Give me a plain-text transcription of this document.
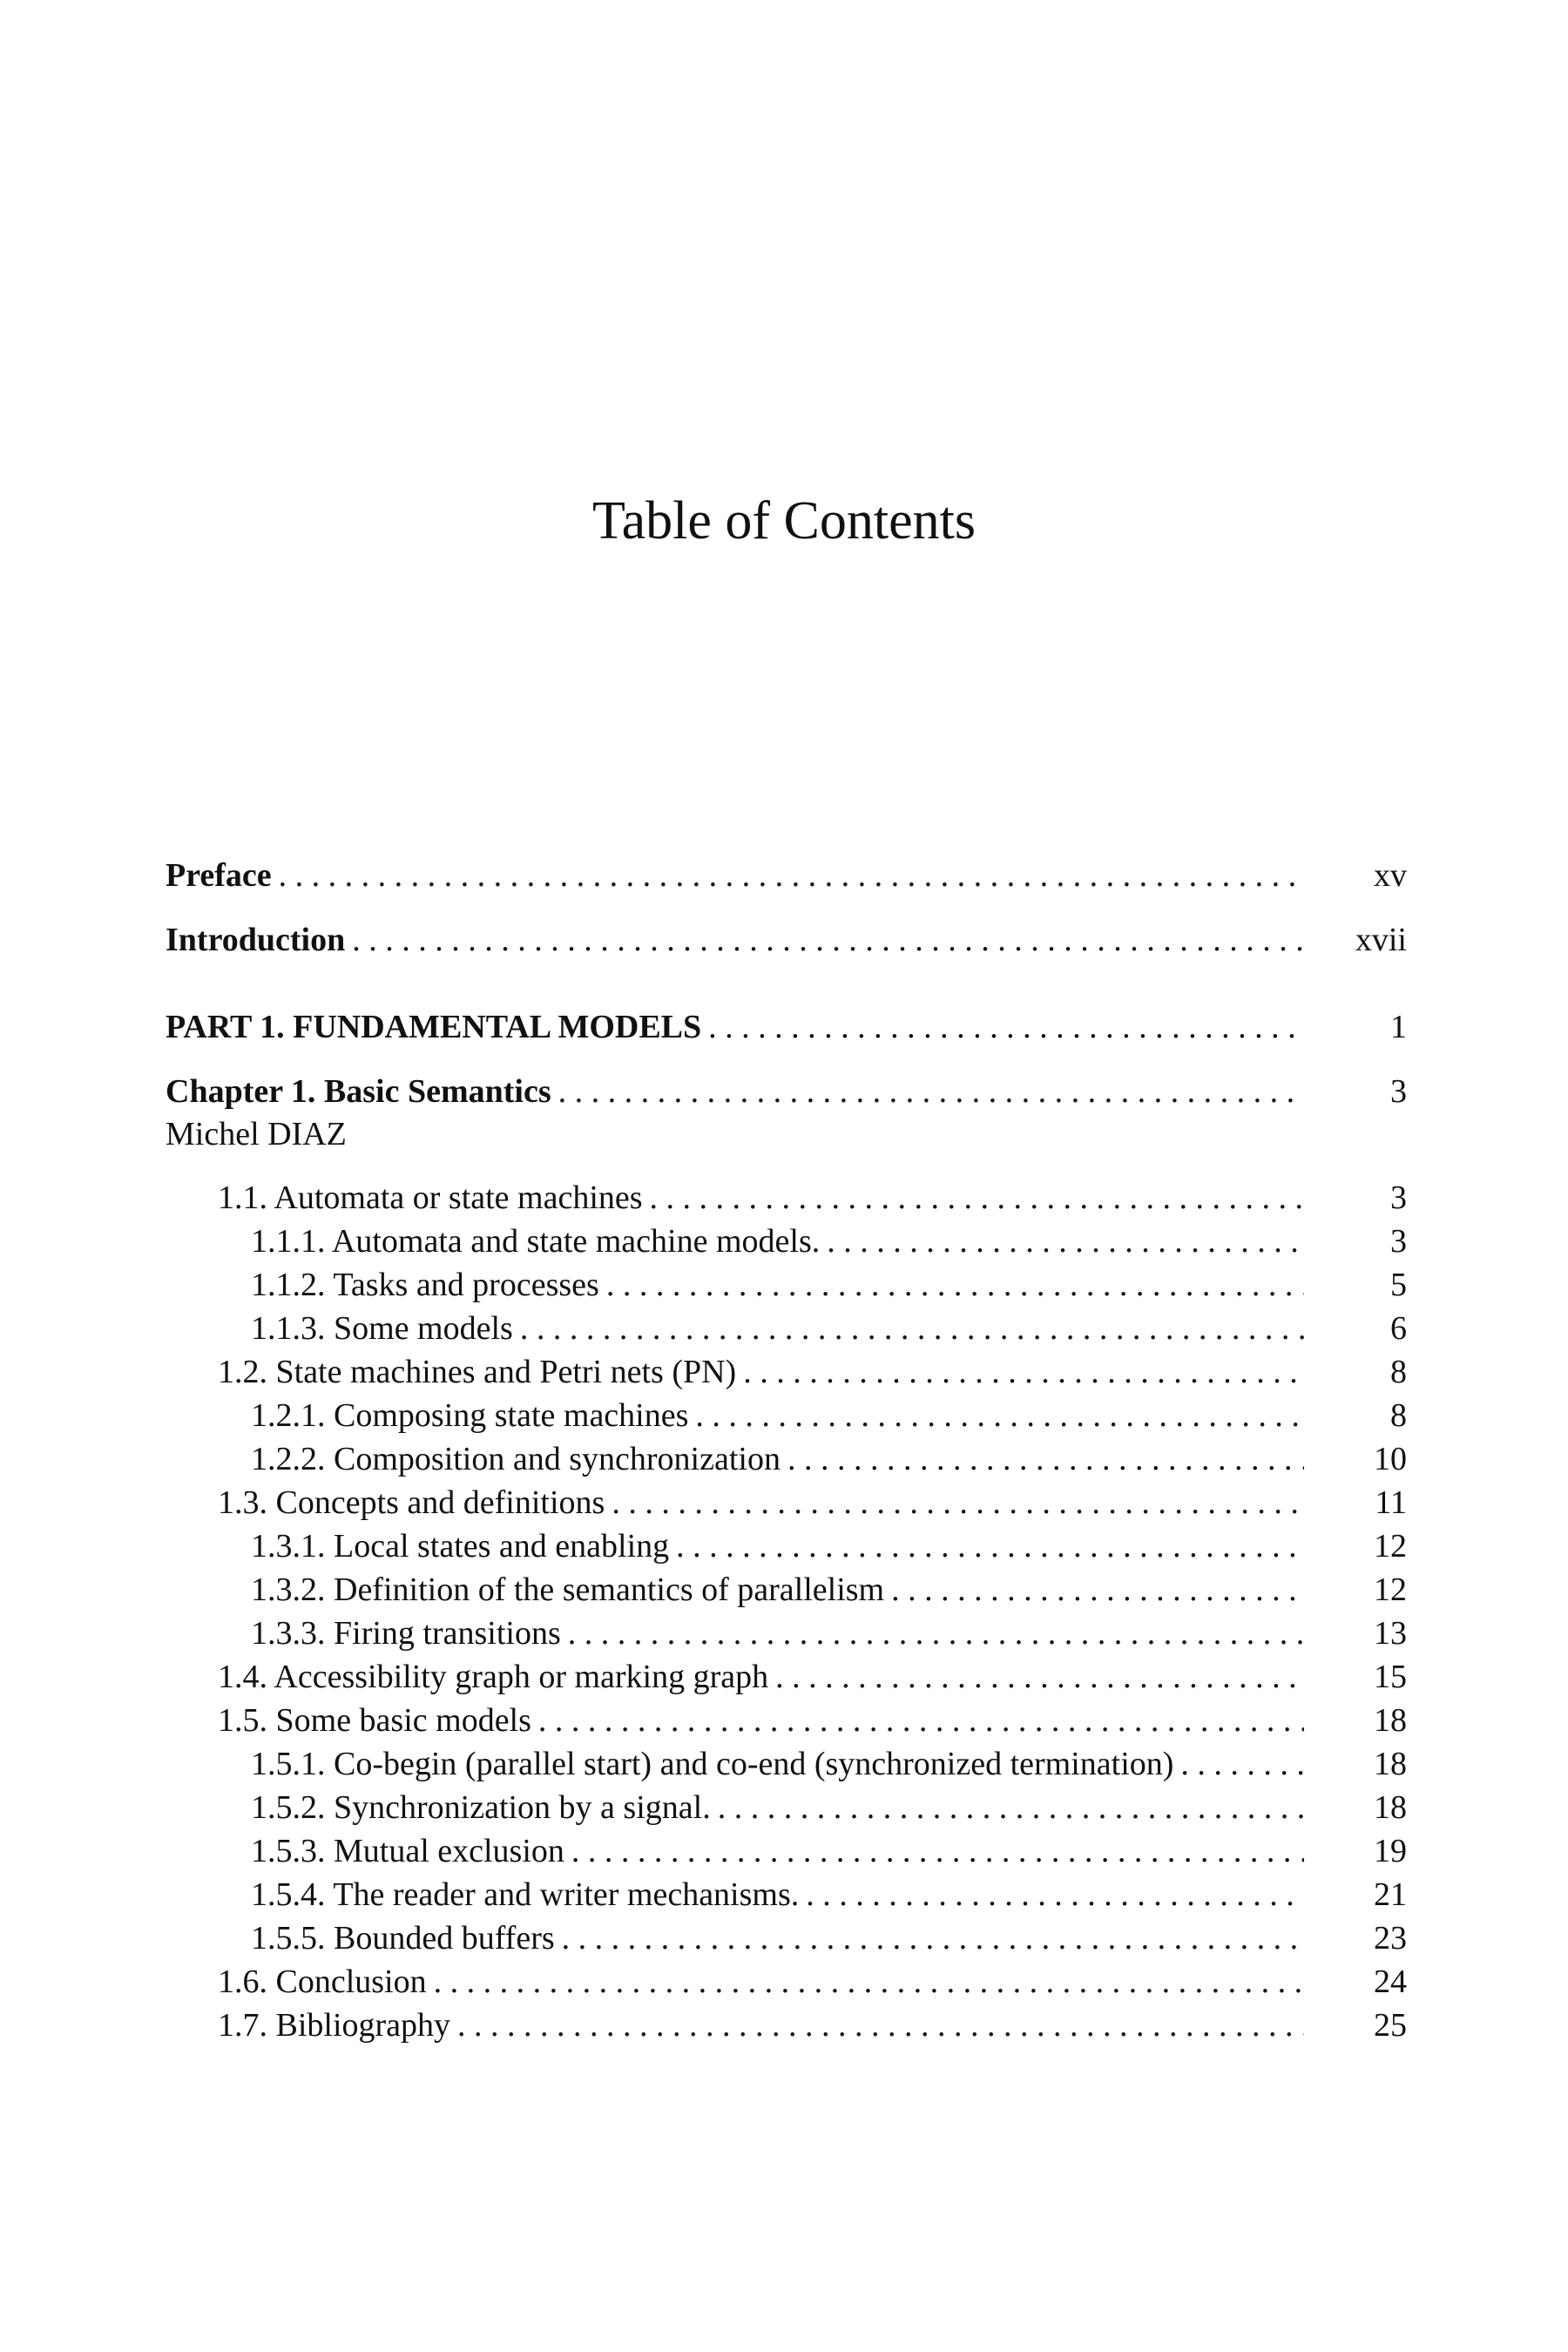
Table of Contents
Preface . . .	xv
Introduction . . .	xvii
PART 1. FUNDAMENTAL MODELS . . .	1
Chapter 1. Basic Semantics . . .	3
Michel DIAZ
1.1. Automata or state machines . . .	3
1.1.1. Automata and state machine models. . . .	3
1.1.2. Tasks and processes . . .	5
1.1.3. Some models . . .	6
1.2. State machines and Petri nets (PN) . . .	8
1.2.1. Composing state machines . . .	8
1.2.2. Composition and synchronization . . .	10
1.3. Concepts and definitions . . .	11
1.3.1. Local states and enabling . . .	12
1.3.2. Definition of the semantics of parallelism . . .	12
1.3.3. Firing transitions . . .	13
1.4. Accessibility graph or marking graph . . .	15
1.5. Some basic models . . .	18
1.5.1. Co-begin (parallel start) and co-end (synchronized termination) . . .	18
1.5.2. Synchronization by a signal. . . .	18
1.5.3. Mutual exclusion . . .	19
1.5.4. The reader and writer mechanisms. . . .	21
1.5.5. Bounded buffers . . .	23
1.6. Conclusion . . .	24
1.7. Bibliography . . .	25
